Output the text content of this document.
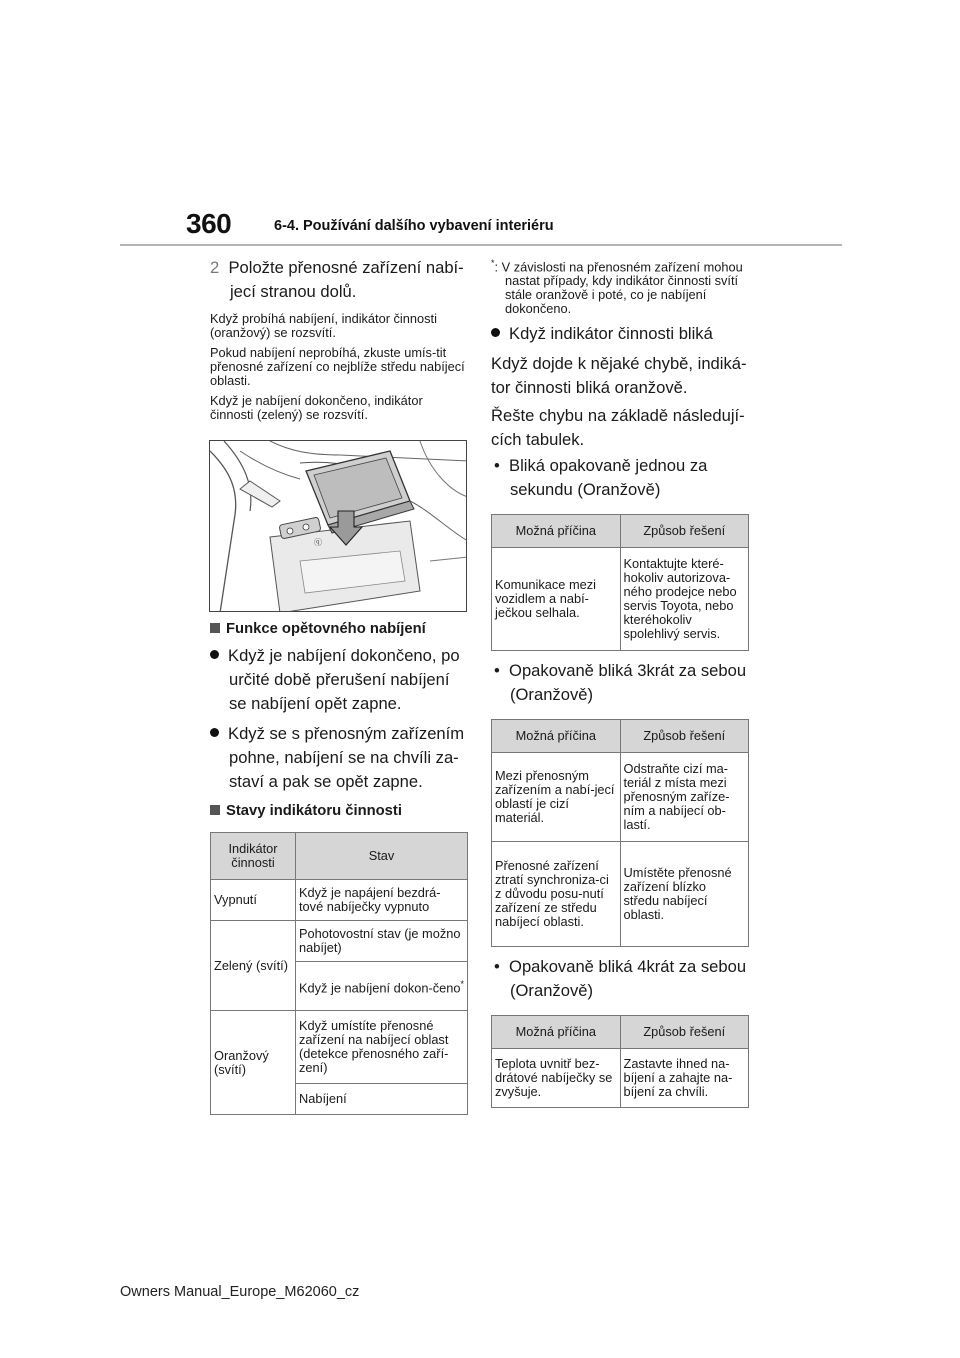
360	6-4. Používání dalšího vybavení interiéru

2 Položte přenosné zařízení nabí-jecí stranou dolů.

Když probíhá nabíjení, indikátor činnosti (oranžový) se rozsvítí.

Pokud nabíjení neprobíhá, zkuste umís-tit přenosné zařízení co nejblíže středu nabíjecí oblasti.

Když je nabíjení dokončeno, indikátor činnosti (zelený) se rozsvítí.

ⓠ

Funkce opětovného nabíjení

Když je nabíjení dokončeno, po určité době přerušení nabíjení se nabíjení opět zapne.

Když se s přenosným zařízením pohne, nabíjení se na chvíli za-staví a pak se opět zapne.

Stavy indikátoru činnosti

Indikátor činnosti	Stav
Vypnutí	Když je napájení bezdrá-tové nabíječky vypnuto
Zelený (svítí)	Pohotovostní stav (je možno nabíjet)
	Když je nabíjení dokon-čeno*
Oranžový (svítí)	Když umístíte přenosné zařízení na nabíjecí oblast (detekce přenosného zaří-zení)
	Nabíjení

*: V závislosti na přenosném zařízení mohou nastat případy, kdy indikátor činnosti svítí stále oranžově i poté, co je nabíjení dokončeno.

Když indikátor činnosti bliká

Když dojde k nějaké chybě, indiká-tor činnosti bliká oranžově.

Řešte chybu na základě následují-cích tabulek.

•  Bliká opakovaně jednou za sekundu (Oranžově)

Možná příčina	Způsob řešení
Komunikace mezi vozidlem a nabí-ječkou selhala.	Kontaktujte které-hokoliv autorizova-ného prodejce nebo servis Toyota, nebo kteréhokoliv spolehlivý servis.

•  Opakovaně bliká 3krát za sebou (Oranžově)

Možná příčina	Způsob řešení
Mezi přenosným zařízením a nabí-jecí oblastí je cizí materiál.	Odstraňte cizí ma-teriál z místa mezi přenosným zaříze-ním a nabíjecí ob-lastí.
Přenosné zařízení ztratí synchroniza-ci z důvodu posu-nutí zařízení ze středu nabíjecí oblasti.	Umístěte přenosné zařízení blízko středu nabíjecí oblasti.

•  Opakovaně bliká 4krát za sebou (Oranžově)

Možná příčina	Způsob řešení
Teplota uvnitř bez-drátové nabíječky se zvyšuje.	Zastavte ihned na-bíjení a zahajte na-bíjení za chvíli.
Owners Manual_Europe_M62060_cz
